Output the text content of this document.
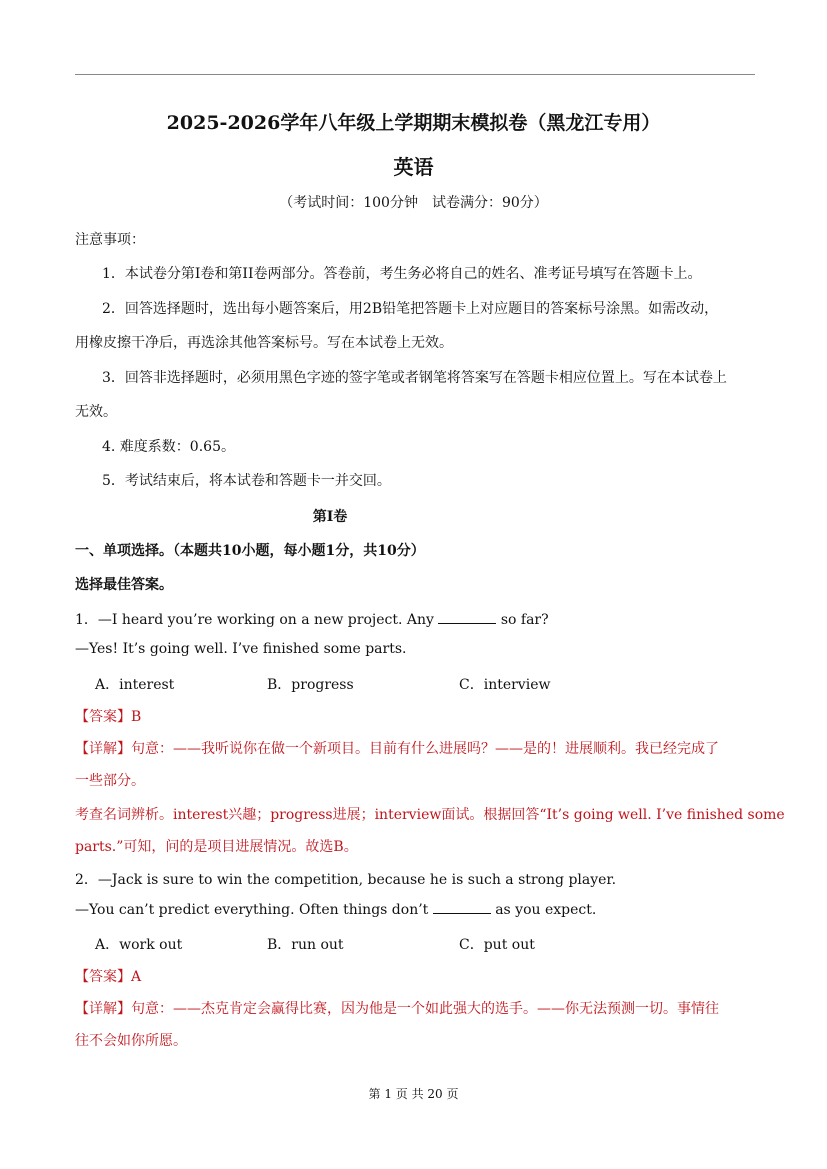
2025-2026学年八年级上学期期末模拟卷（黑龙江专用）
英语
（考试时间：100分钟　试卷满分：90分）
注意事项：
1．本试卷分第I卷和第II卷两部分。答卷前，考生务必将自己的姓名、准考证号填写在答题卡上。
2．回答选择题时，选出每小题答案后，用2B铅笔把答题卡上对应题目的答案标号涂黑。如需改动，
用橡皮擦干净后，再选涂其他答案标号。写在本试卷上无效。
3．回答非选择题时，必须用黑色字迹的签字笔或者钢笔将答案写在答题卡相应位置上。写在本试卷上
无效。
4. 难度系数：0.65。
5．考试结束后，将本试卷和答题卡一并交回。
第I卷
一、单项选择。（本题共10小题，每小题1分，共10分）
选择最佳答案。
1．—I heard you’re working on a new project. Any	so far?
—Yes! It’s going well. I’ve finished some parts.
A．interest	B．progress	C．interview
【答案】B
【详解】句意：——我听说你在做一个新项目。目前有什么进展吗？——是的！进展顺利。我已经完成了
一些部分。
考查名词辨析。interest兴趣；progress进展；interview面试。根据回答“It’s going well. I’ve finished some
parts.”可知，问的是项目进展情况。故选B。
2．—Jack is sure to win the competition, because he is such a strong player.
—You can’t predict everything. Often things don’t	as you expect.
A．work out	B．run out	C．put out
【答案】A
【详解】句意：——杰克肯定会赢得比赛，因为他是一个如此强大的选手。——你无法预测一切。事情往
往不会如你所愿。
第 1 页 共 20 页
